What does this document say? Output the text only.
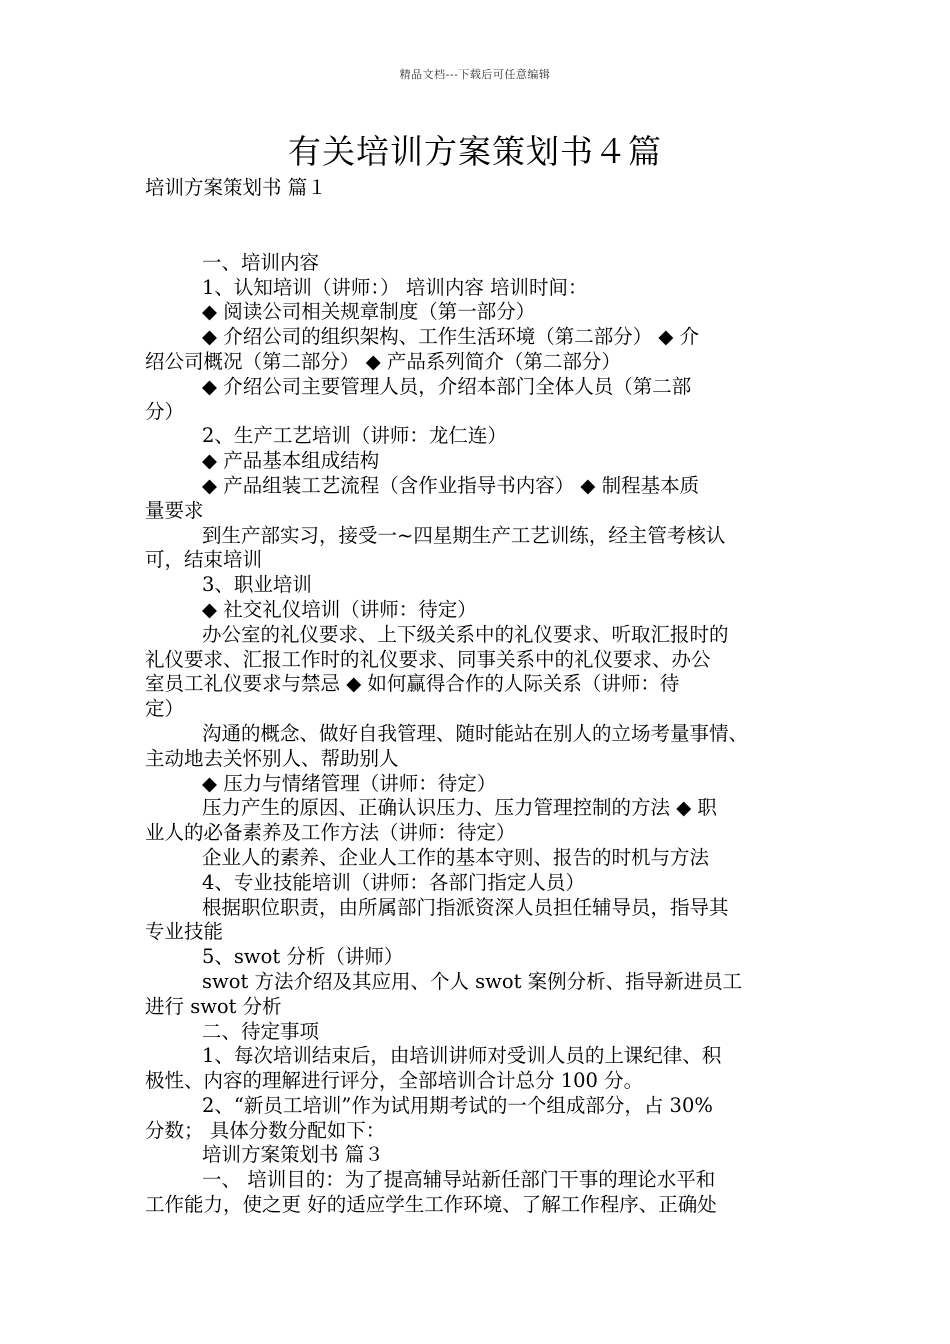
精品文档---下载后可任意编辑
有关培训方案策划书４篇

培训方案策划书 篇１

一、培训内容

1、认知培训（讲师：） 培训内容 培训时间：

◆ 阅读公司相关规章制度（第一部分）

◆ 介绍公司的组织架构、工作生活环境（第二部分） ◆ 介

绍公司概况（第二部分） ◆ 产品系列简介（第二部分）

◆ 介绍公司主要管理人员，介绍本部门全体人员（第二部

分）

2、生产工艺培训（讲师：龙仁连）

◆ 产品基本组成结构

◆ 产品组装工艺流程（含作业指导书内容） ◆ 制程基本质

量要求

到生产部实习，接受一~四星期生产工艺训练，经主管考核认

可，结束培训

3、职业培训

◆ 社交礼仪培训（讲师：待定）

办公室的礼仪要求、上下级关系中的礼仪要求、听取汇报时的

礼仪要求、汇报工作时的礼仪要求、同事关系中的礼仪要求、办公

室员工礼仪要求与禁忌 ◆ 如何赢得合作的人际关系（讲师：待

定）

沟通的概念、做好自我管理、随时能站在别人的立场考量事情、

主动地去关怀别人、帮助别人

◆ 压力与情绪管理（讲师：待定）

压力产生的原因、正确认识压力、压力管理控制的方法 ◆ 职

业人的必备素养及工作方法（讲师：待定）

企业人的素养、企业人工作的基本守则、报告的时机与方法

4、专业技能培训（讲师：各部门指定人员）

根据职位职责，由所属部门指派资深人员担任辅导员，指导其

专业技能

5、swot 分析（讲师）

swot 方法介绍及其应用、个人 swot 案例分析、指导新进员工

进行 swot 分析

二、待定事项

1、每次培训结束后，由培训讲师对受训人员的上课纪律、积

极性、内容的理解进行评分，全部培训合计总分 100 分。

2、“新员工培训”作为试用期考试的一个组成部分，占 30%

分数； 具体分数分配如下：

培训方案策划书 篇３

一、 培训目的：为了提高辅导站新任部门干事的理论水平和

工作能力，使之更 好的适应学生工作环境、了解工作程序、正确处
